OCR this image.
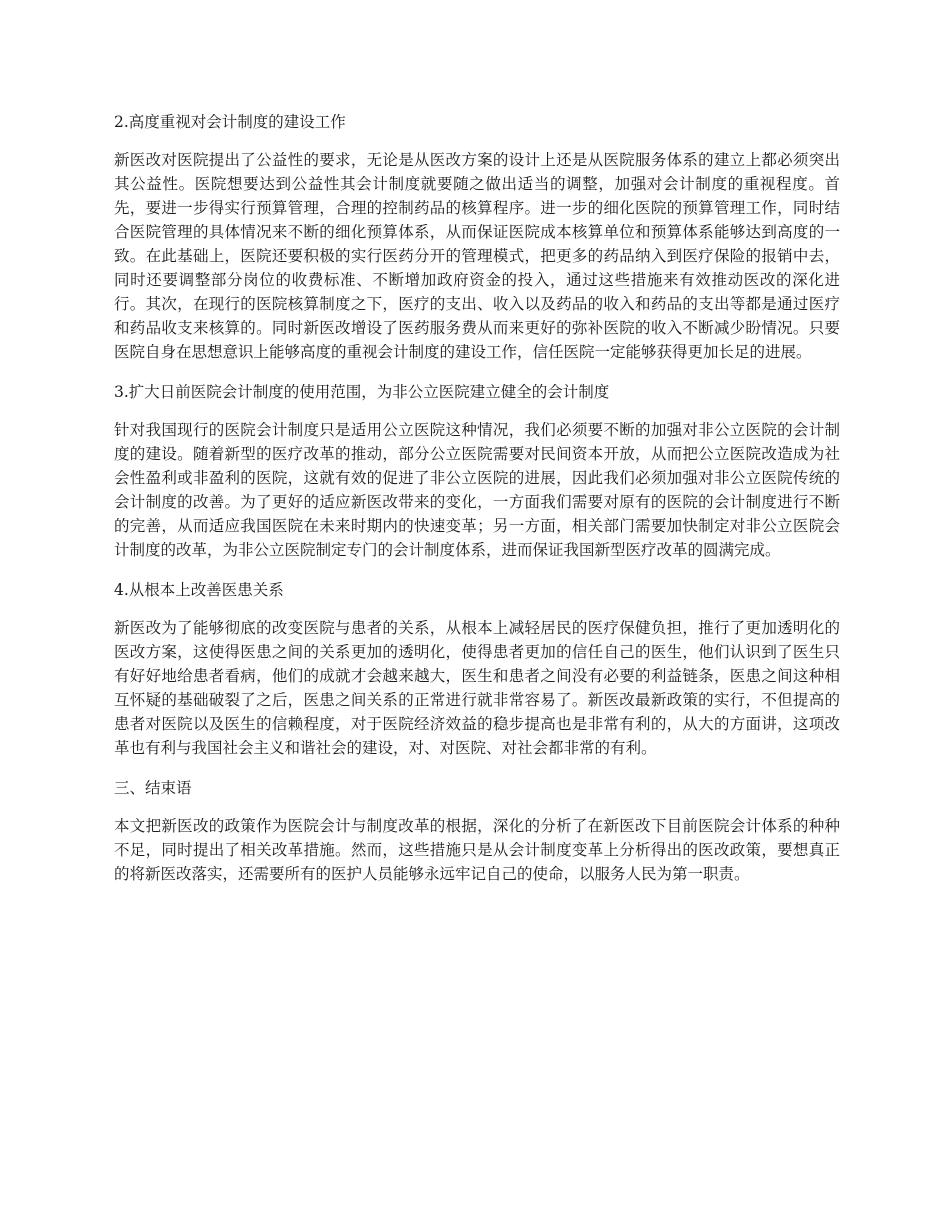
2.高度重视对会计制度的建设工作

新医改对医院提出了公益性的要求，无论是从医改方案的设计上还是从医院服务体系的建立上都必须突出其公益性。医院想要达到公益性其会计制度就要随之做出适当的调整，加强对会计制度的重视程度。首先，要进一步得实行预算管理，合理的控制药品的核算程序。进一步的细化医院的预算管理工作，同时结合医院管理的具体情况来不断的细化预算体系，从而保证医院成本核算单位和预算体系能够达到高度的一致。在此基础上，医院还要积极的实行医药分开的管理模式，把更多的药品纳入到医疗保险的报销中去，同时还要调整部分岗位的收费标准、不断增加政府资金的投入，通过这些措施来有效推动医改的深化进行。其次，在现行的医院核算制度之下，医疗的支出、收入以及药品的收入和药品的支出等都是通过医疗和药品收支来核算的。同时新医改增设了医药服务费从而来更好的弥补医院的收入不断减少盼情况。只要医院自身在思想意识上能够高度的重视会计制度的建设工作，信任医院一定能够获得更加长足的进展。

3.扩大日前医院会计制度的使用范围，为非公立医院建立健全的会计制度

针对我国现行的医院会计制度只是适用公立医院这种情况，我们必须要不断的加强对非公立医院的会计制度的建设。随着新型的医疗改革的推动，部分公立医院需要对民间资本开放，从而把公立医院改造成为社会性盈利或非盈利的医院，这就有效的促进了非公立医院的进展，因此我们必须加强对非公立医院传统的会计制度的改善。为了更好的适应新医改带来的变化，一方面我们需要对原有的医院的会计制度进行不断的完善，从而适应我国医院在未来时期内的快速变革；另一方面，相关部门需要加快制定对非公立医院会计制度的改革，为非公立医院制定专门的会计制度体系，进而保证我国新型医疗改革的圆满完成。

4.从根本上改善医患关系

新医改为了能够彻底的改变医院与患者的关系，从根本上减轻居民的医疗保健负担，推行了更加透明化的医改方案，这使得医患之间的关系更加的透明化，使得患者更加的信任自己的医生，他们认识到了医生只有好好地给患者看病，他们的成就才会越来越大，医生和患者之间没有必要的利益链条，医患之间这种相互怀疑的基础破裂了之后，医患之间关系的正常进行就非常容易了。新医改最新政策的实行，不但提高的患者对医院以及医生的信赖程度，对于医院经济效益的稳步提高也是非常有利的，从大的方面讲，这项改革也有利与我国社会主义和谐社会的建设，对、对医院、对社会都非常的有利。

三、结束语

本文把新医改的政策作为医院会计与制度改革的根据，深化的分析了在新医改下目前医院会计体系的种种不足，同时提出了相关改革措施。然而，这些措施只是从会计制度变革上分析得出的医改政策，要想真正的将新医改落实，还需要所有的医护人员能够永远牢记自己的使命，以服务人民为第一职责。
